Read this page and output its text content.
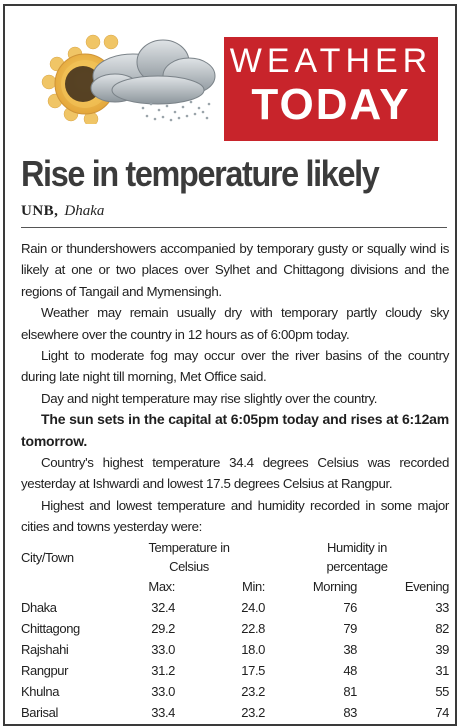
WEATHER
TODAY
Rise in temperature likely
UNB, Dhaka

Rain or thundershowers accompanied by temporary gusty or squally wind is likely at one or two places over Sylhet and Chittagong divisions and the regions of Tangail and Mymensingh.

Weather may remain usually dry with temporary partly cloudy sky elsewhere over the country in 12 hours as of 6:00pm today.

Light to moderate fog may occur over the river basins of the country during late night till morning, Met Office said.

Day and night temperature may rise slightly over the country.

The sun sets in the capital at 6:05pm today and rises at 6:12am tomorrow.

Country's highest temperature 34.4 degrees Celsius was recorded yesterday at Ishwardi and lowest 17.5 degrees Celsius at Rangpur.

Highest and lowest temperature and humidity recorded in some major cities and towns yesterday were:

City/Town	Temperature in
Celsius		Humidity in
percentage	
	Max:	Min:	Morning	Evening
Dhaka	32.4	24.0	76	33
Chittagong	29.2	22.8	79	82
Rajshahi	33.0	18.0	38	39
Rangpur	31.2	17.5	48	31
Khulna	33.0	23.2	81	55
Barisal	33.4	23.2	83	74
